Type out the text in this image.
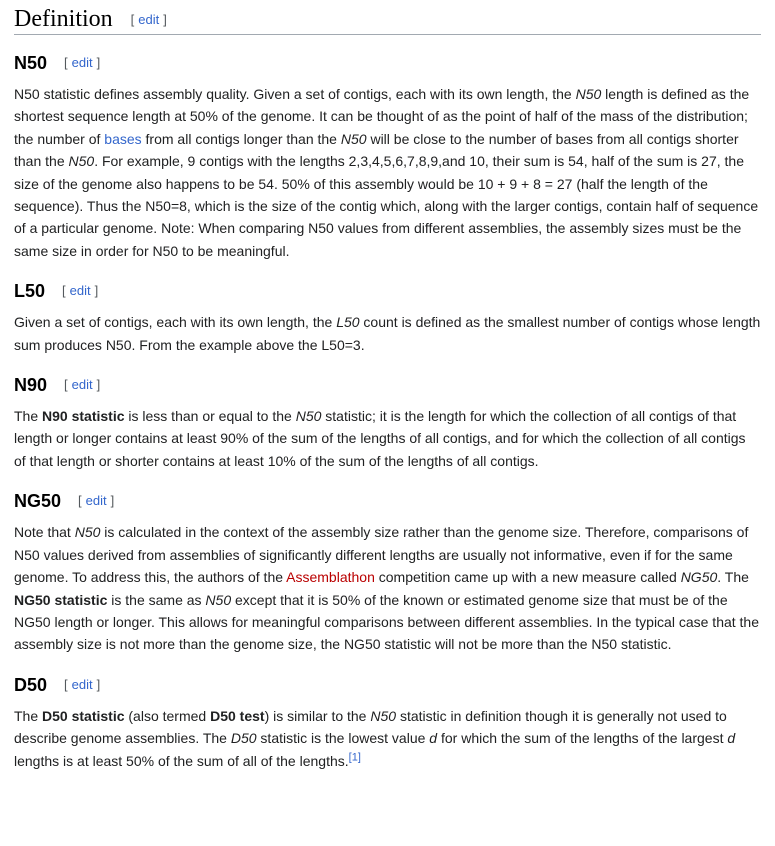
Definition [ edit ]
N50 [ edit ]

N50 statistic defines assembly quality. Given a set of contigs, each with its own length, the N50 length is defined as the shortest sequence length at 50% of the genome. It can be thought of as the point of half of the mass of the distribution; the number of bases from all contigs longer than the N50 will be close to the number of bases from all contigs shorter than the N50. For example, 9 contigs with the lengths 2,3,4,5,6,7,8,9,and 10, their sum is 54, half of the sum is 27, the size of the genome also happens to be 54. 50% of this assembly would be 10 + 9 + 8 = 27 (half the length of the sequence). Thus the N50=8, which is the size of the contig which, along with the larger contigs, contain half of sequence of a particular genome. Note: When comparing N50 values from different assemblies, the assembly sizes must be the same size in order for N50 to be meaningful.

L50 [ edit ]

Given a set of contigs, each with its own length, the L50 count is defined as the smallest number of contigs whose length sum produces N50. From the example above the L50=3.

N90 [ edit ]

The N90 statistic is less than or equal to the N50 statistic; it is the length for which the collection of all contigs of that length or longer contains at least 90% of the sum of the lengths of all contigs, and for which the collection of all contigs of that length or shorter contains at least 10% of the sum of the lengths of all contigs.

NG50 [ edit ]

Note that N50 is calculated in the context of the assembly size rather than the genome size. Therefore, comparisons of N50 values derived from assemblies of significantly different lengths are usually not informative, even if for the same genome. To address this, the authors of the Assemblathon competition came up with a new measure called NG50. The NG50 statistic is the same as N50 except that it is 50% of the known or estimated genome size that must be of the NG50 length or longer. This allows for meaningful comparisons between different assemblies. In the typical case that the assembly size is not more than the genome size, the NG50 statistic will not be more than the N50 statistic.

D50 [ edit ]

The D50 statistic (also termed D50 test) is similar to the N50 statistic in definition though it is generally not used to describe genome assemblies. The D50 statistic is the lowest value d for which the sum of the lengths of the largest d lengths is at least 50% of the sum of all of the lengths.[1]
